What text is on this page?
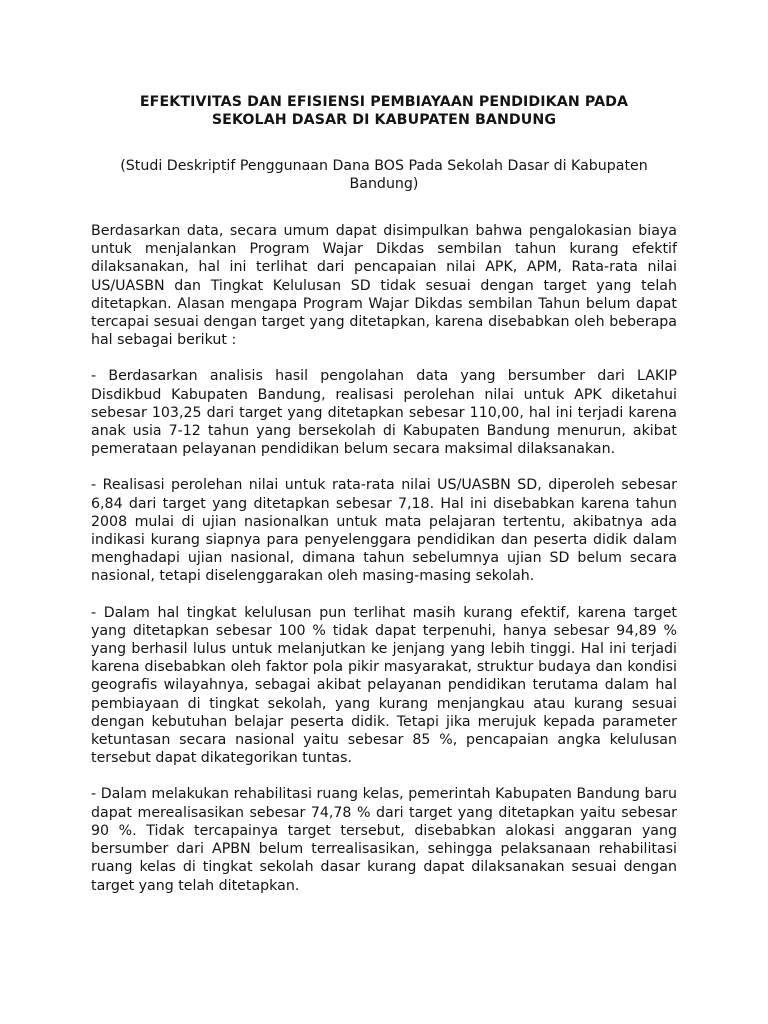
EFEKTIVITAS DAN EFISIENSI PEMBIAYAAN PENDIDIKAN PADA
SEKOLAH DASAR DI KABUPATEN BANDUNG

(Studi Deskriptif Penggunaan Dana BOS Pada Sekolah Dasar di Kabupaten Bandung)

Berdasarkan data, secara umum dapat disimpulkan bahwa pengalokasian biaya untuk menjalankan Program Wajar Dikdas sembilan tahun kurang efektif dilaksanakan, hal ini terlihat dari pencapaian nilai APK, APM, Rata-rata nilai US/UASBN dan Tingkat Kelulusan SD tidak sesuai dengan target yang telah ditetapkan. Alasan mengapa Program Wajar Dikdas sembilan Tahun belum dapat tercapai sesuai dengan target yang ditetapkan, karena disebabkan oleh beberapa hal sebagai berikut :

- Berdasarkan analisis hasil pengolahan data yang bersumber dari LAKIP Disdikbud Kabupaten Bandung, realisasi perolehan nilai untuk APK diketahui sebesar 103,25 dari target yang ditetapkan sebesar 110,00, hal ini terjadi karena anak usia 7-12 tahun yang bersekolah di Kabupaten Bandung menurun, akibat pemerataan pelayanan pendidikan belum secara maksimal dilaksanakan.

- Realisasi perolehan nilai untuk rata-rata nilai US/UASBN SD, diperoleh sebesar 6,84 dari target yang ditetapkan sebesar 7,18. Hal ini disebabkan karena tahun 2008 mulai di ujian nasionalkan untuk mata pelajaran tertentu, akibatnya ada indikasi kurang siapnya para penyelenggara pendidikan dan peserta didik dalam menghadapi ujian nasional, dimana tahun sebelumnya ujian SD belum secara nasional, tetapi diselenggarakan oleh masing-masing sekolah.

- Dalam hal tingkat kelulusan pun terlihat masih kurang efektif, karena target yang ditetapkan sebesar 100 % tidak dapat terpenuhi, hanya sebesar 94,89 % yang berhasil lulus untuk melanjutkan ke jenjang yang lebih tinggi. Hal ini terjadi karena disebabkan oleh faktor pola pikir masyarakat, struktur budaya dan kondisi geografis wilayahnya, sebagai akibat pelayanan pendidikan terutama dalam hal pembiayaan di tingkat sekolah, yang kurang menjangkau atau kurang sesuai dengan kebutuhan belajar peserta didik. Tetapi jika merujuk kepada parameter ketuntasan secara nasional yaitu sebesar 85 %, pencapaian angka kelulusan tersebut dapat dikategorikan tuntas.

- Dalam melakukan rehabilitasi ruang kelas, pemerintah Kabupaten Bandung baru dapat merealisasikan sebesar 74,78 % dari target yang ditetapkan yaitu sebesar 90 %. Tidak tercapainya target tersebut, disebabkan alokasi anggaran yang bersumber dari APBN belum terrealisasikan, sehingga pelaksanaan rehabilitasi ruang kelas di tingkat sekolah dasar kurang dapat dilaksanakan sesuai dengan target yang telah ditetapkan.
